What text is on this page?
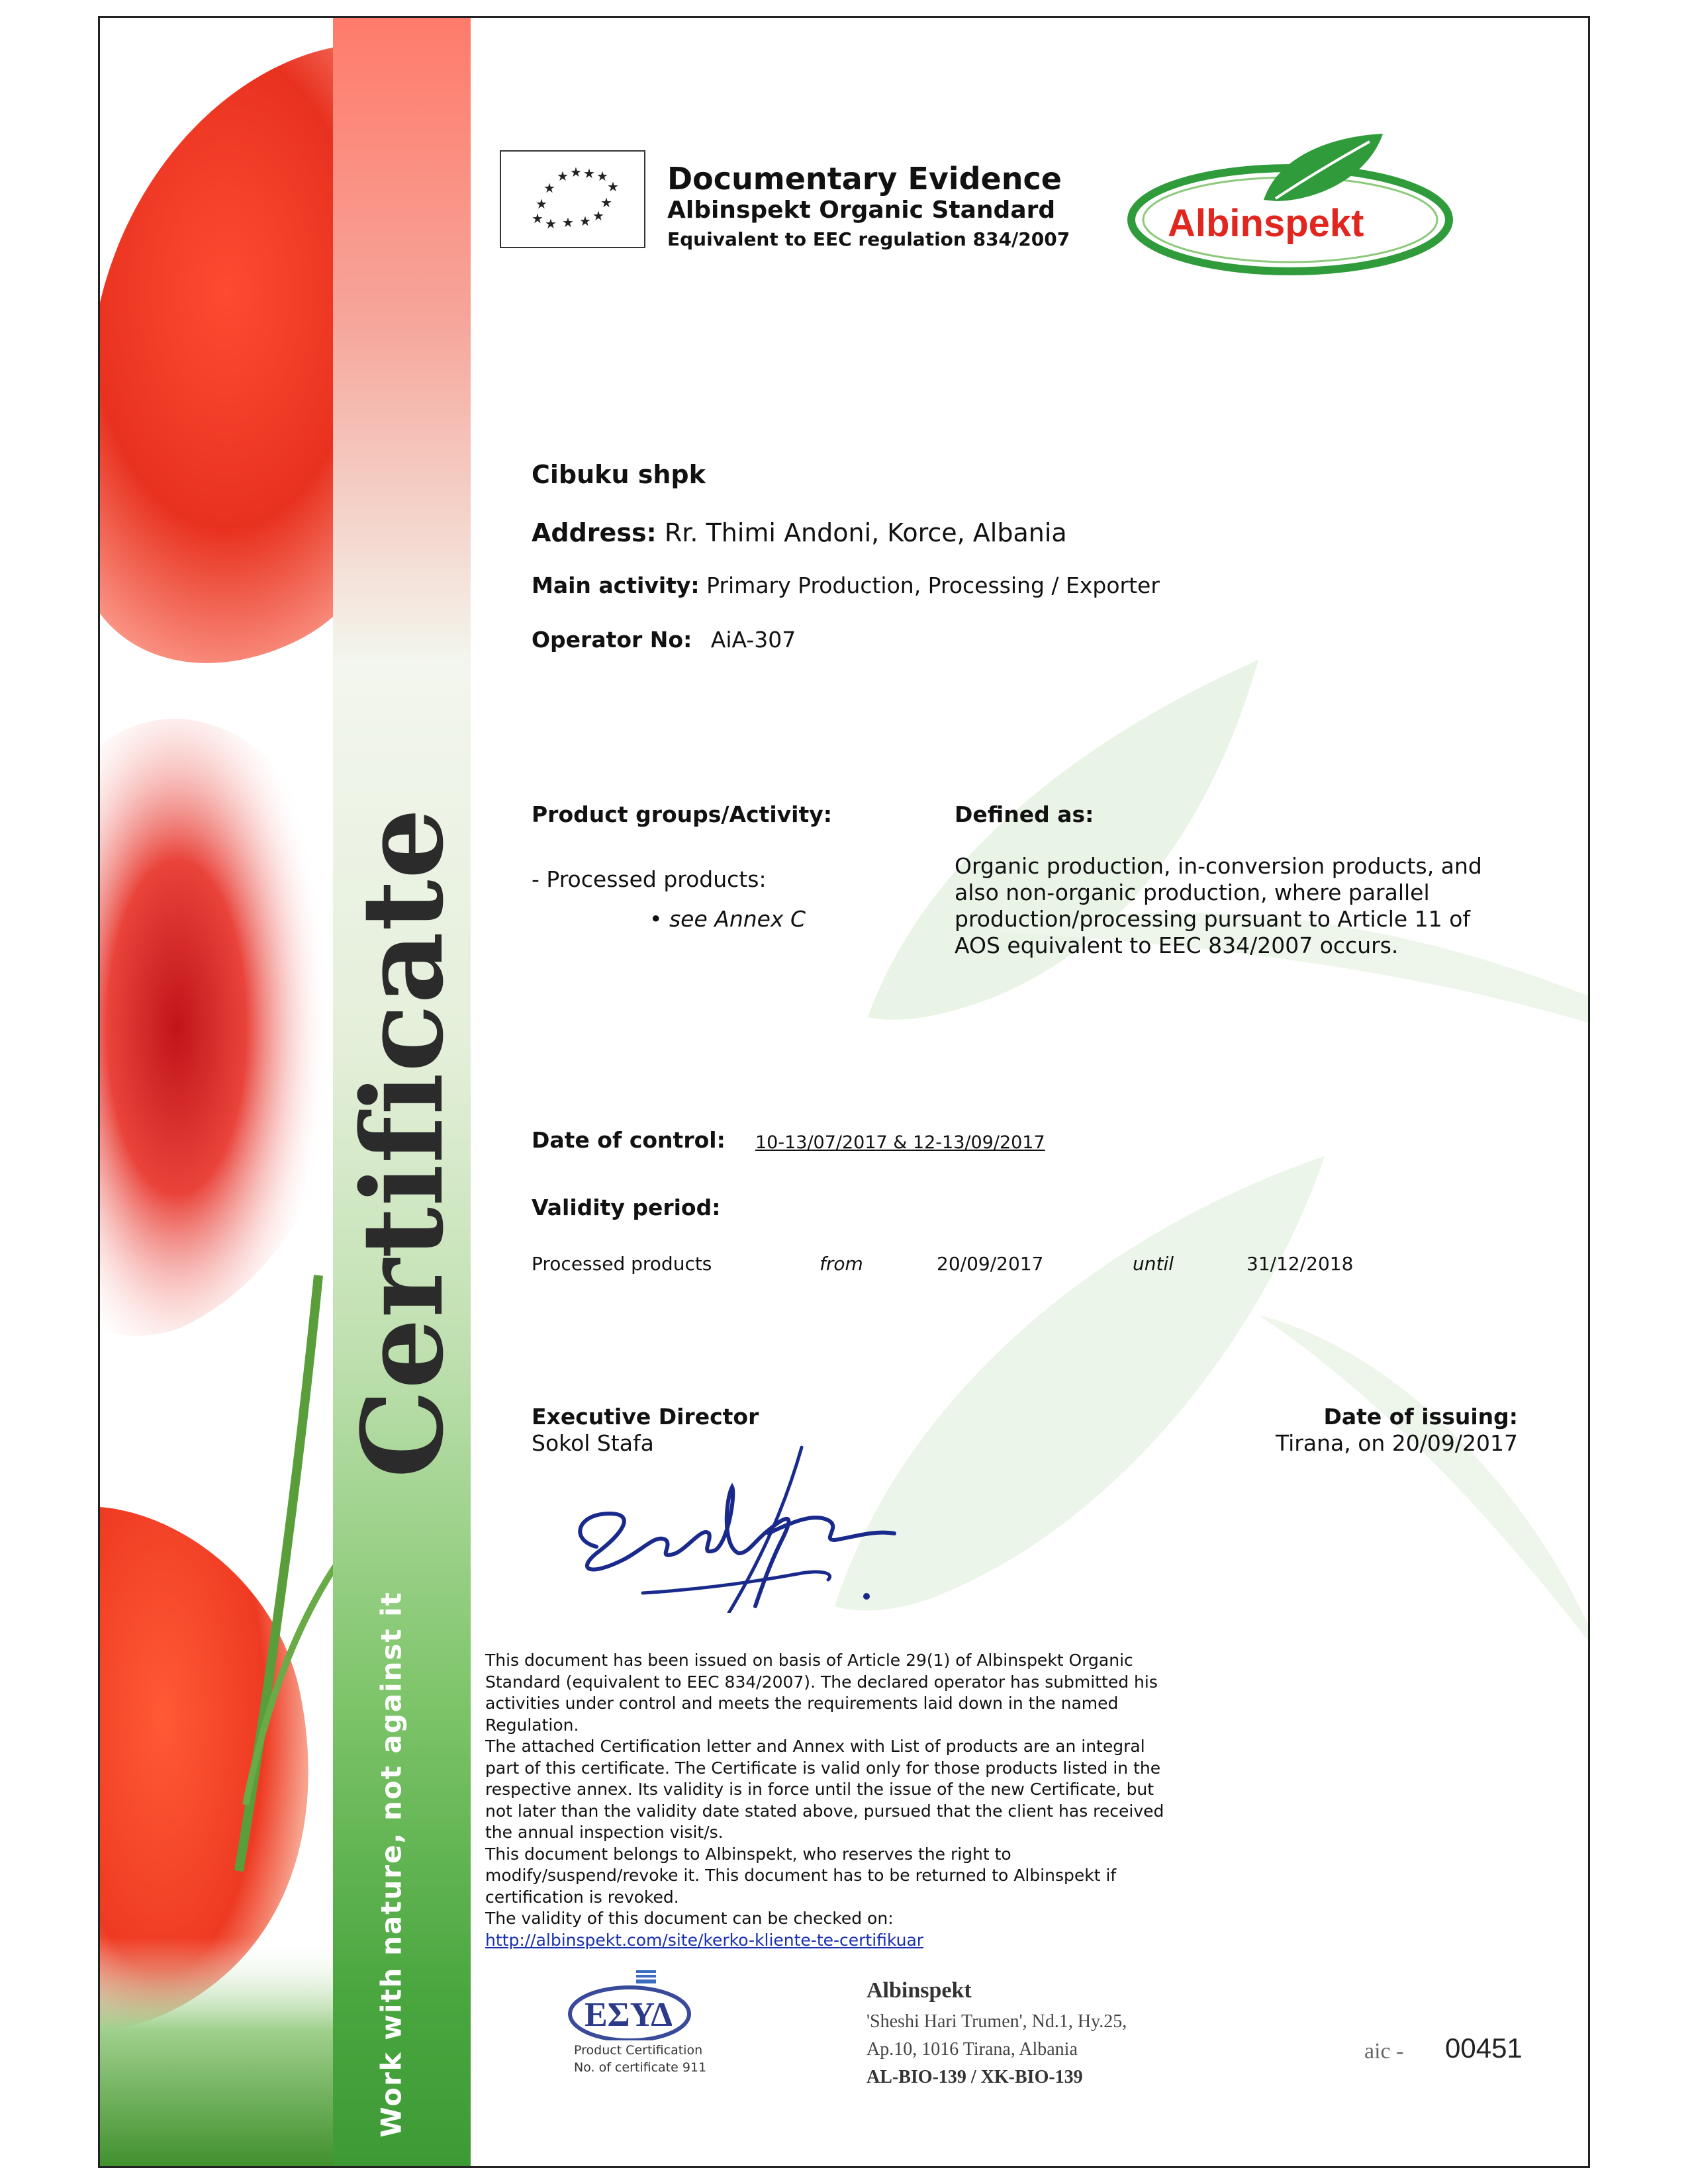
Certificate
Work with nature, not against it
★ ★ ★ ★
★	★
★	★
★	★
★ ★ ★
Documentary Evidence
Albinspekt Organic Standard
Equivalent to EEC regulation 834/2007	Albinspekt
Cibuku shpk
Address: Rr. Thimi Andoni, Korce, Albania
Main activity: Primary Production, Processing / Exporter
Operator No: AiA-307
Product groups/Activity:	Defined as:
- Processed products:
• see Annex C
Organic production, in-conversion products, and
also non-organic production, where parallel
production/processing pursuant to Article 11 of
AOS equivalent to EEC 834/2007 occurs.
Date of control: 10-13/07/2017 & 12-13/09/2017
Validity period:
Processed products	from	20/09/2017	until	31/12/2018
Executive Director
Sokol Stafa
Date of issuing:
Tirana, on 20/09/2017
This document has been issued on basis of Article 29(1) of Albinspekt Organic
Standard (equivalent to EEC 834/2007). The declared operator has submitted his
activities under control and meets the requirements laid down in the named
Regulation.
The attached Certification letter and Annex with List of products are an integral
part of this certificate. The Certificate is valid only for those products listed in the
respective annex. Its validity is in force until the issue of the new Certificate, but
not later than the validity date stated above, pursued that the client has received
the annual inspection visit/s.
This document belongs to Albinspekt, who reserves the right to
modify/suspend/revoke it. This document has to be returned to Albinspekt if
certification is revoked.
The validity of this document can be checked on:
http://albinspekt.com/site/kerko-kliente-te-certifikuar
ΕΣΥΔ
Product Certification
No. of certificate 911
Albinspekt
'Sheshi Hari Trumen', Nd.1, Hy.25,
Ap.10, 1016 Tirana, Albania
AL-BIO-139 / XK-BIO-139
aic - 00451
